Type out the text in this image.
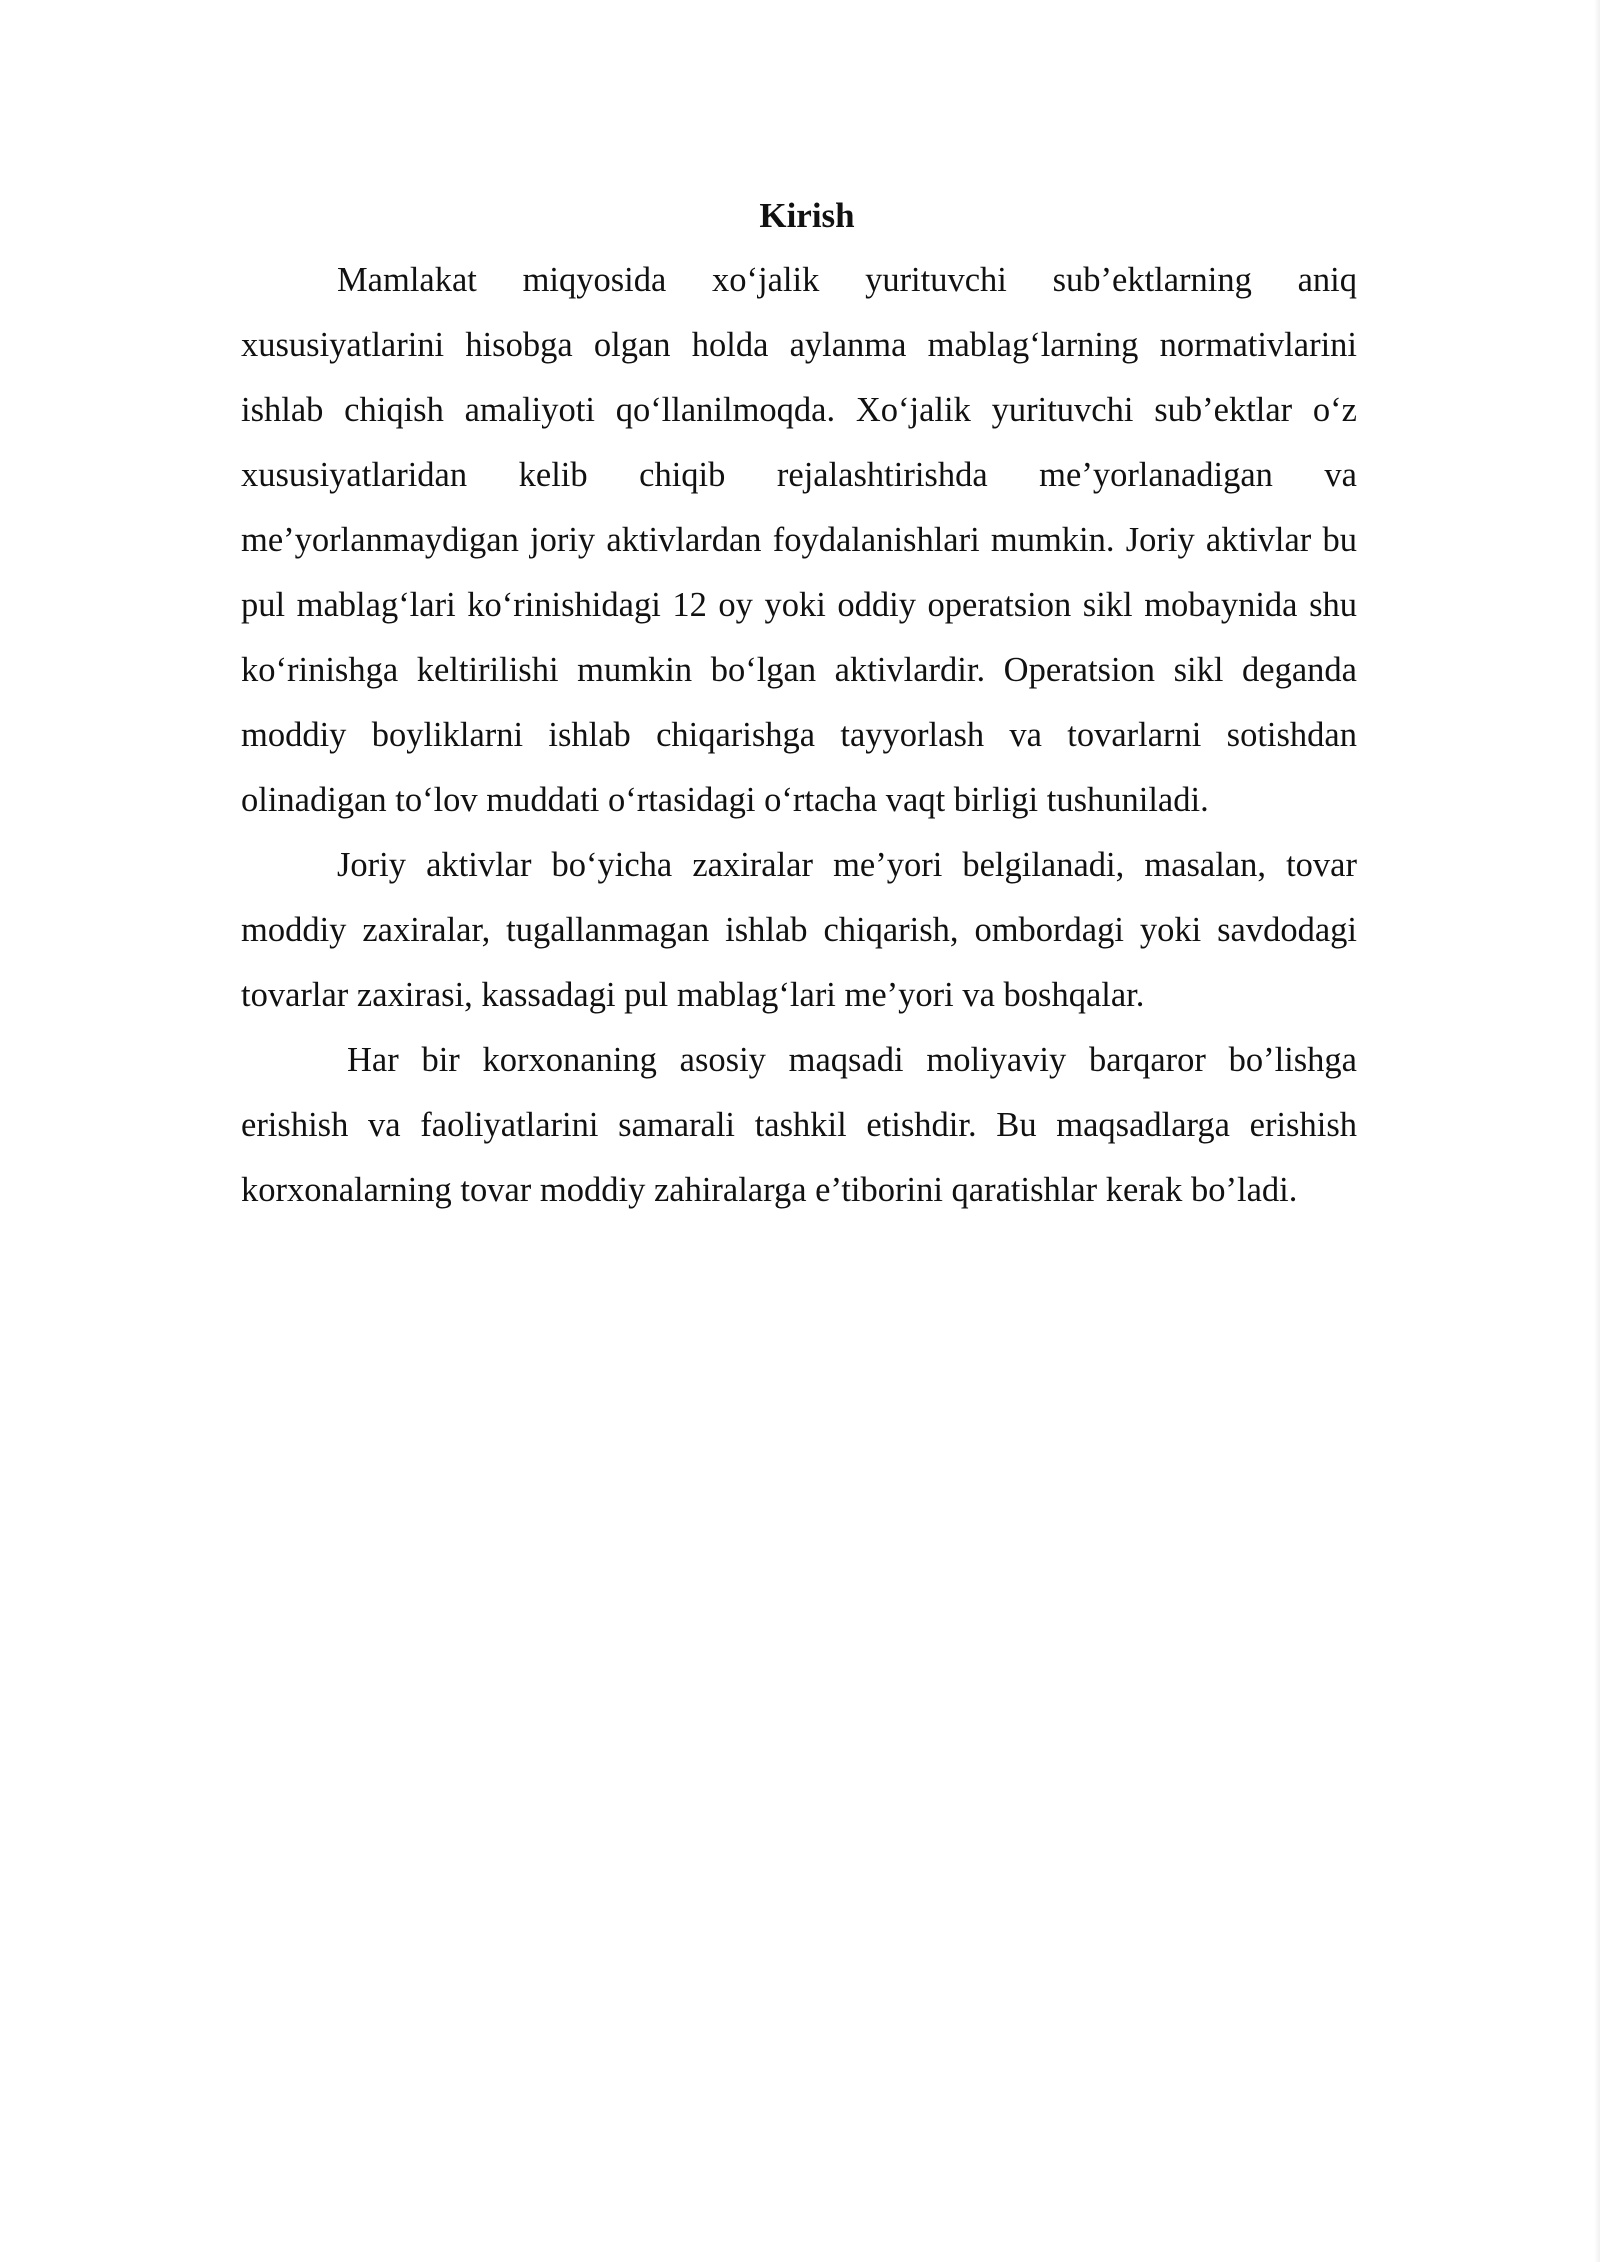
Kirish

Mamlakat miqyosida xo‘jalik yurituvchi sub’ektlarning aniq xususiyatlarini hisobga olgan holda aylanma mablag‘larning normativlarini ishlab chiqish amaliyoti qo‘llanilmoqda. Xo‘jalik yurituvchi sub’ektlar o‘z xususiyatlaridan kelib chiqib rejalashtirishda me’yorlanadigan va me’yorlanmaydigan joriy aktivlardan foydalanishlari mumkin. Joriy aktivlar bu pul mablag‘lari ko‘rinishidagi 12 oy yoki oddiy operatsion sikl mobaynida shu ko‘rinishga keltirilishi mumkin bo‘lgan aktivlardir. Operatsion sikl deganda moddiy boyliklarni ishlab chiqarishga tayyorlash va tovarlarni sotishdan olinadigan to‘lov muddati o‘rtasidagi o‘rtacha vaqt birligi tushuniladi.

Joriy aktivlar bo‘yicha zaxiralar me’yori belgilanadi, masalan, tovar moddiy zaxiralar, tugallanmagan ishlab chiqarish, ombordagi yoki savdodagi tovarlar zaxirasi, kassadagi pul mablag‘lari me’yori va boshqalar.

Har bir korxonaning asosiy maqsadi moliyaviy barqaror bo’lishga erishish va faoliyatlarini samarali tashkil etishdir. Bu maqsadlarga erishish korxonalarning tovar moddiy zahiralarga e’tiborini qaratishlar kerak bo’ladi.
